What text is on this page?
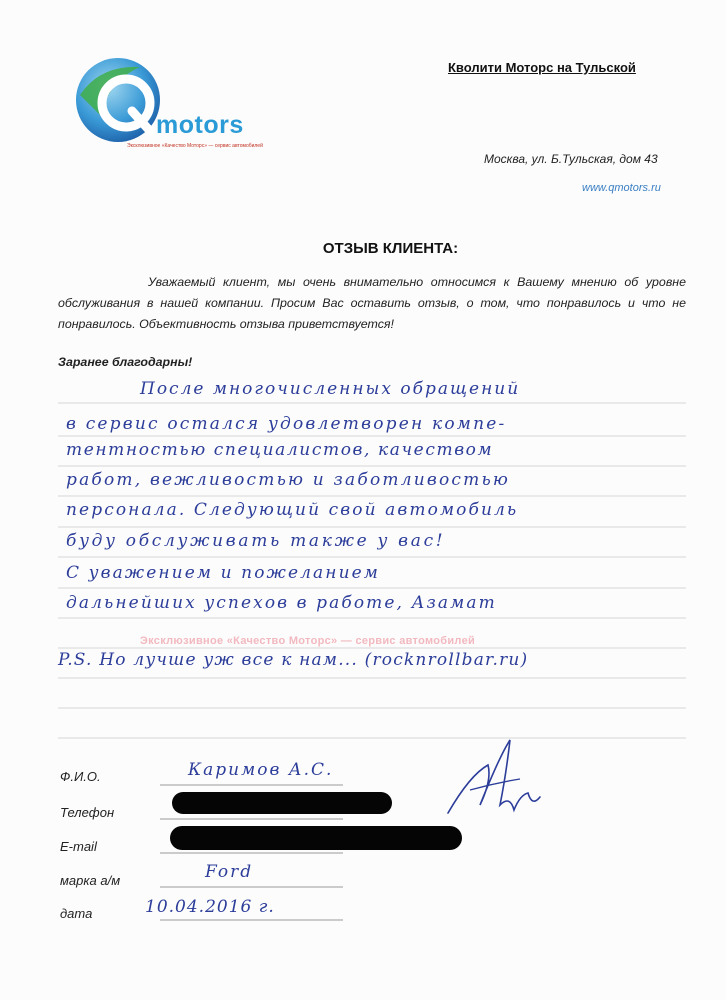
motors
Эксклюзивное «Качество Моторс» — сервис автомобилей
Кволити Моторс на Тульской
Москва, ул. Б.Тульская, дом 43
www.qmotors.ru
ОТЗЫВ КЛИЕНТА:
Уважаемый клиент, мы очень внимательно относимся к Вашему мнению об уровне обслуживания в нашей компании. Просим Вас оставить отзыв, о том, что понравилось и что не понравилось. Объективность отзыва приветствуется!
Заранее благодарны!
После многочисленных обращений
в сервис остался удовлетворен компе-
тентностью специалистов, качеством
работ, вежливостью и заботливостью
персонала. Следующий свой автомобиль
буду обслуживать также у вас!
С уважением и пожеланием
дальнейших успехов в работе, Азамат
Эксклюзивное «Качество Моторс» — сервис автомобилей
P.S. Но лучше уж все к нам... (rocknrollbar.ru)
Ф.И.О.	Каримов А.С.
Телефон
E-mail
марка а/м	Ford
дата	10.04.2016 г.
